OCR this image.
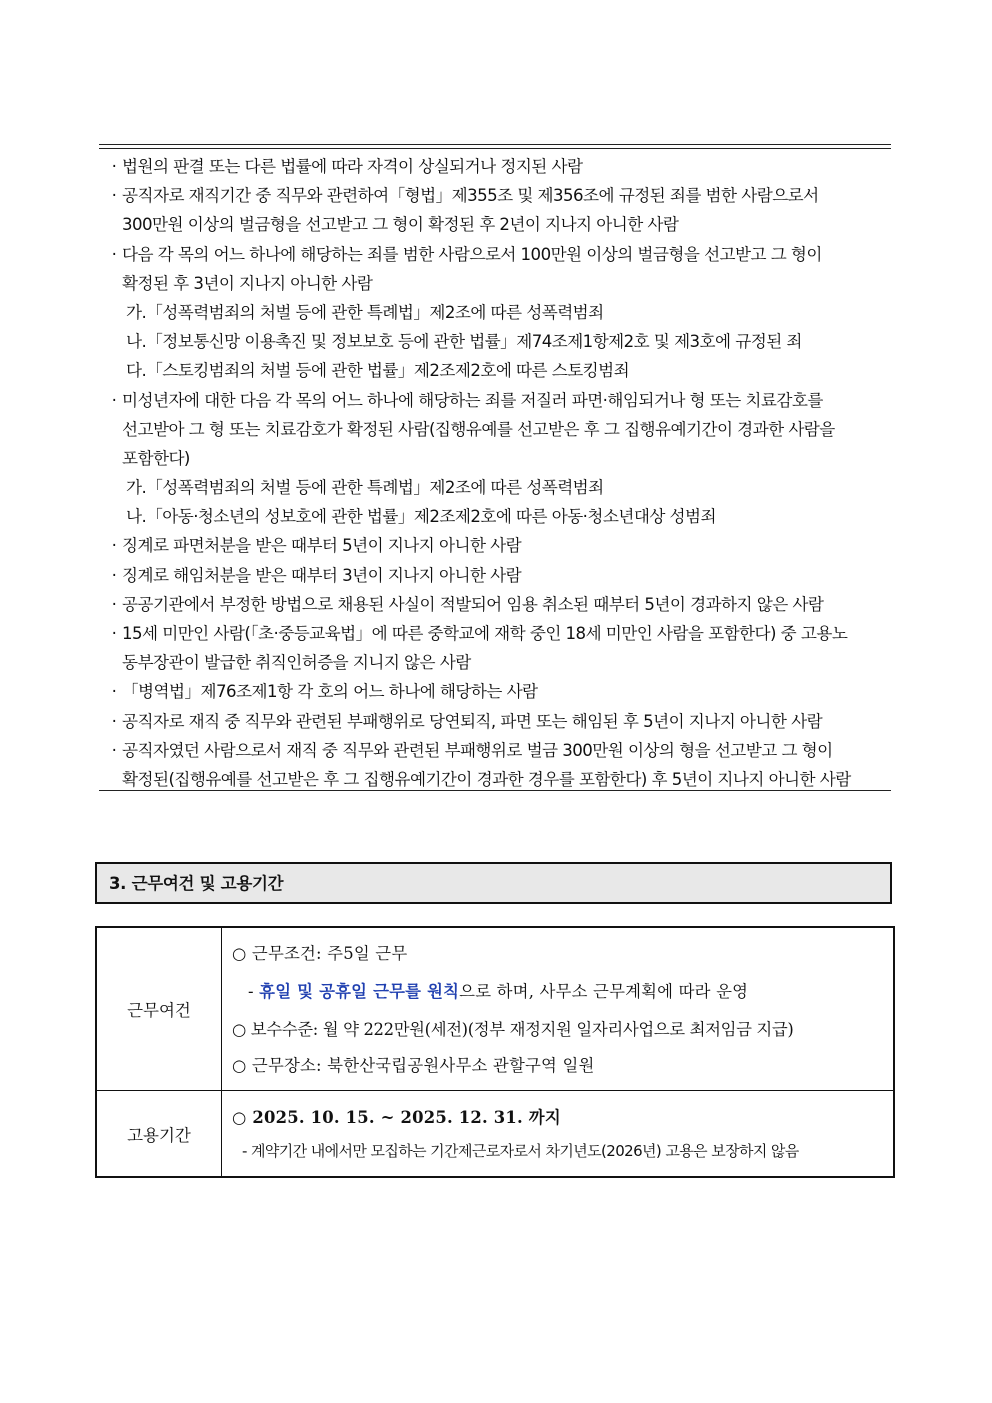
· 법원의 판결 또는 다른 법률에 따라 자격이 상실되거나 정지된 사람
· 공직자로 재직기간 중 직무와 관련하여「형법」제355조 및 제356조에 규정된 죄를 범한 사람으로서
300만원 이상의 벌금형을 선고받고 그 형이 확정된 후 2년이 지나지 아니한 사람
· 다음 각 목의 어느 하나에 해당하는 죄를 범한 사람으로서 100만원 이상의 벌금형을 선고받고 그 형이
확정된 후 3년이 지나지 아니한 사람
가.「성폭력범죄의 처벌 등에 관한 특례법」제2조에 따른 성폭력범죄
나.「정보통신망 이용촉진 및 정보보호 등에 관한 법률」제74조제1항제2호 및 제3호에 규정된 죄
다.「스토킹범죄의 처벌 등에 관한 법률」제2조제2호에 따른 스토킹범죄
· 미성년자에 대한 다음 각 목의 어느 하나에 해당하는 죄를 저질러 파면·해임되거나 형 또는 치료감호를
선고받아 그 형 또는 치료감호가 확정된 사람(집행유예를 선고받은 후 그 집행유예기간이 경과한 사람을
포함한다)
가.「성폭력범죄의 처벌 등에 관한 특례법」제2조에 따른 성폭력범죄
나.「아동·청소년의 성보호에 관한 법률」제2조제2호에 따른 아동·청소년대상 성범죄
· 징계로 파면처분을 받은 때부터 5년이 지나지 아니한 사람
· 징계로 해임처분을 받은 때부터 3년이 지나지 아니한 사람
· 공공기관에서 부정한 방법으로 채용된 사실이 적발되어 임용 취소된 때부터 5년이 경과하지 않은 사람
· 15세 미만인 사람(「초·중등교육법」에 따른 중학교에 재학 중인 18세 미만인 사람을 포함한다) 중 고용노
동부장관이 발급한 취직인허증을 지니지 않은 사람
· 「병역법」제76조제1항 각 호의 어느 하나에 해당하는 사람
· 공직자로 재직 중 직무와 관련된 부패행위로 당연퇴직, 파면 또는 해임된 후 5년이 지나지 아니한 사람
· 공직자였던 사람으로서 재직 중 직무와 관련된 부패행위로 벌금 300만원 이상의 형을 선고받고 그 형이
확정된(집행유예를 선고받은 후 그 집행유예기간이 경과한 경우를 포함한다) 후 5년이 지나지 아니한 사람
3. 근무여건 및 고용기간
근무여건
○ 근무조건: 주5일 근무
- 휴일 및 공휴일 근무를 원칙으로 하며, 사무소 근무계획에 따라 운영
○ 보수수준: 월 약 222만원(세전)(정부 재정지원 일자리사업으로 최저임금 지급)
○ 근무장소: 북한산국립공원사무소 관할구역 일원
고용기간
○ 2025. 10. 15. ~ 2025. 12. 31. 까지
- 계약기간 내에서만 모집하는 기간제근로자로서 차기년도(2026년) 고용은 보장하지 않음
